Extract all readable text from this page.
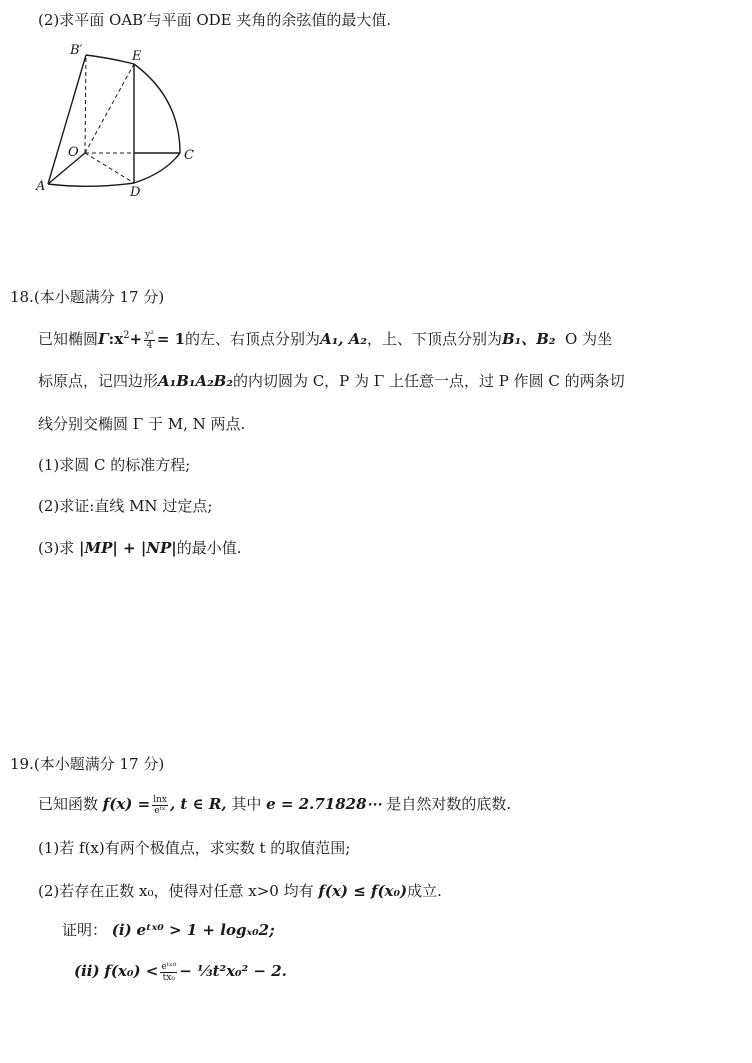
(2)求平面 OAB′与平面 ODE 夹角的余弦值的最大值.
B′	E
O	C
A	D
18.(本小题满分 17 分)
已知椭圆$\Gamma:x^2+ \frac{\text{y²}}{4} = 1$的左、右顶点分别为A₁, A₂，上、下顶点分别为B₁、B₂ O 为坐
标原点，记四边形A₁B₁A₂B₂的内切圆为 C，P 为 Γ 上任意一点，过 P 作圆 C 的两条切
线分别交椭圆 Γ 于 M, N 两点.
(1)求圆 C 的标准方程;
(2)求证:直线 MN 过定点;
(3)求 |MP| + |NP|的最小值.
19.(本小题满分 17 分)
已知函数 $f(x) = \frac{\ln x}{\text{eᵗˣ}}$ , t ∈ R, 其中 e = 2.71828⋯ 是自然对数的底数.
(1)若 f(x)有两个极值点，求实数 t 的取值范围;
(2)若存在正数 x₀，使得对任意 x>0 均有 f(x) ≤ f(x₀)成立.
证明： (i) eᵗˣ⁰ > 1 + logₓ₀2;
(ii) $f(x_0) < \frac{\text{eᵗˣ⁰}}{\text{tx₀}}$ − ⅓t²x₀² − 2.
